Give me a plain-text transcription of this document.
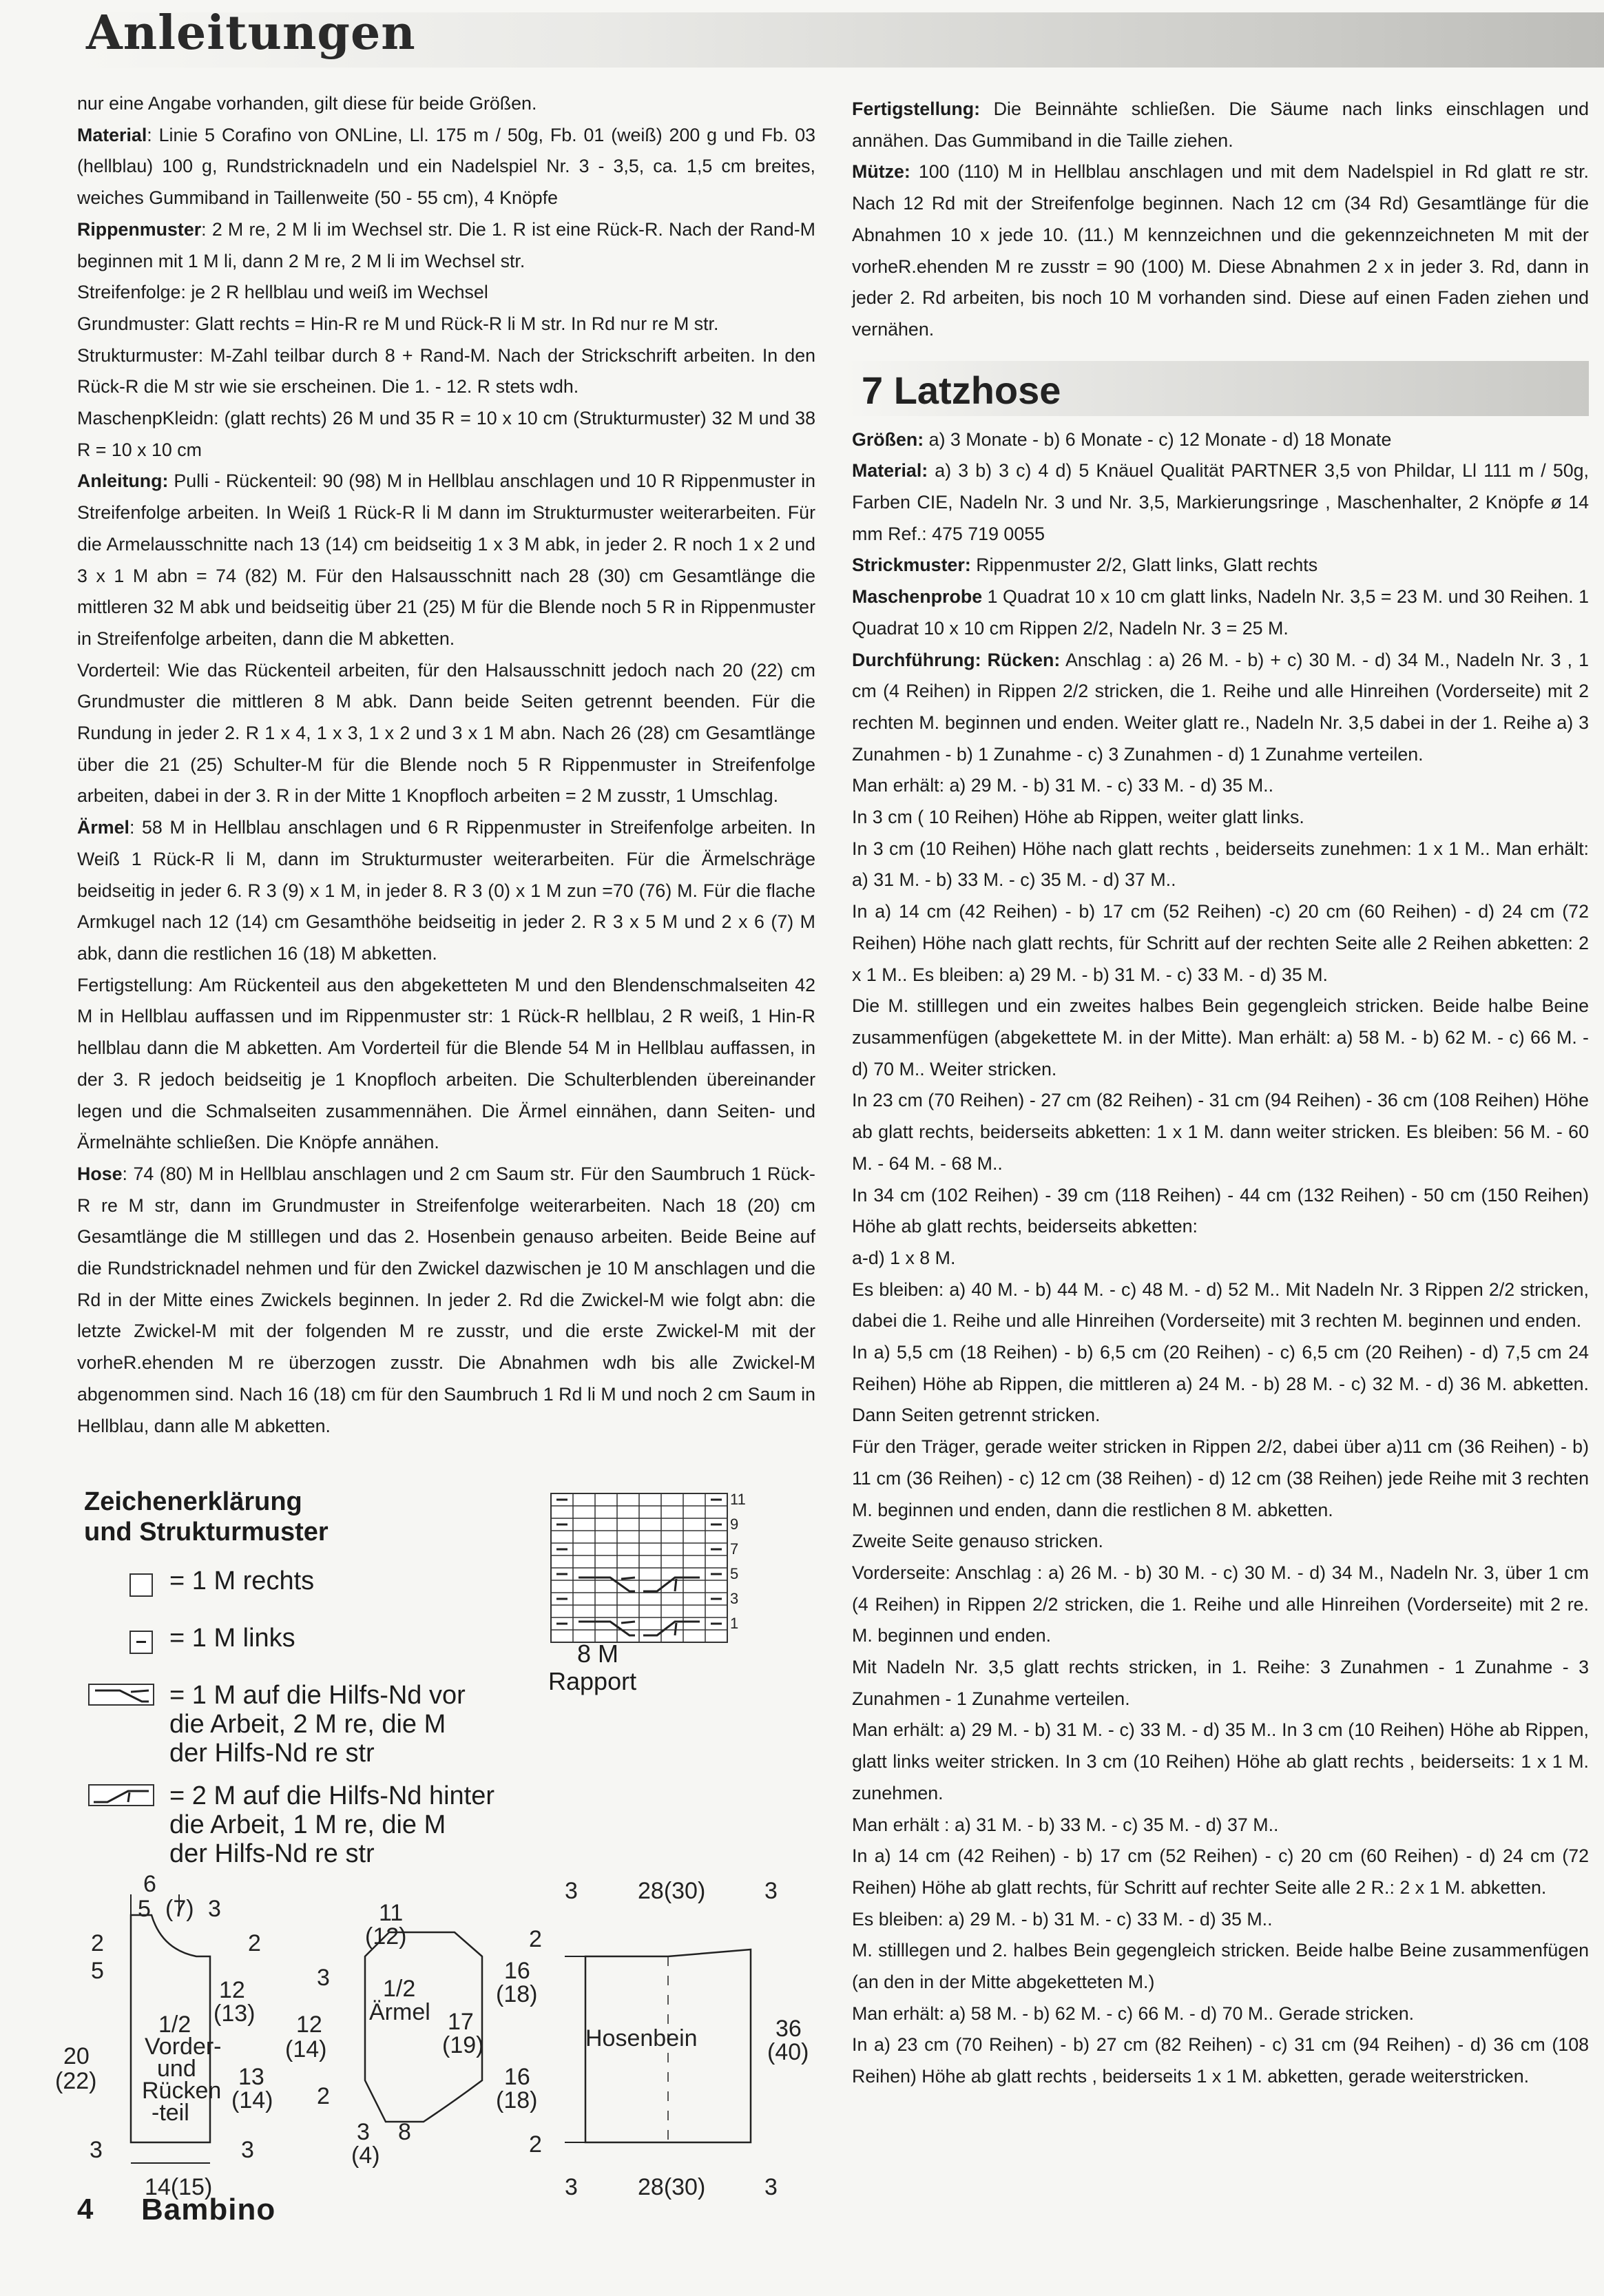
Anleitungen

nur eine Angabe vorhanden, gilt diese für beide Größen.

Material: Linie 5 Corafino von ONLine, Ll. 175 m / 50g, Fb. 01 (weiß) 200 g und Fb. 03 (hellblau) 100 g, Rundstricknadeln und ein Nadelspiel Nr. 3 - 3,5, ca. 1,5 cm breites, weiches Gummiband in Taillenweite (50 - 55 cm), 4 Knöpfe

Rippenmuster: 2 M re, 2 M li im Wechsel str. Die 1. R ist eine Rück-R. Nach der Rand-M beginnen mit 1 M li, dann 2 M re, 2 M li im Wechsel str.

Streifenfolge: je 2 R hellblau und weiß im Wechsel

Grundmuster: Glatt rechts = Hin-R re M und Rück-R li M str. In Rd nur re M str.

Strukturmuster: M-Zahl teilbar durch 8 + Rand-M. Nach der Strickschrift arbeiten. In den Rück-R die M str wie sie erscheinen. Die 1. - 12. R stets wdh.

MaschenpKleidn: (glatt rechts) 26 M und 35 R = 10 x 10 cm (Strukturmuster) 32 M und 38 R = 10 x 10 cm

Anleitung: Pulli - Rückenteil: 90 (98) M in Hellblau anschlagen und 10 R Rippenmuster in Streifenfolge arbeiten. In Weiß 1 Rück-R li M dann im Strukturmuster weiterarbeiten. Für die Armelausschnitte nach 13 (14) cm beidseitig 1 x 3 M abk, in jeder 2. R noch 1 x 2 und 3 x 1 M abn = 74 (82) M. Für den Halsausschnitt nach 28 (30) cm Gesamtlänge die mittleren 32 M abk und beidseitig über 21 (25) M für die Blende noch 5 R in Rippenmuster in Streifenfolge arbeiten, dann die M abketten.

Vorderteil: Wie das Rückenteil arbeiten, für den Halsausschnitt jedoch nach 20 (22) cm Grundmuster die mittleren 8 M abk. Dann beide Seiten getrennt beenden. Für die Rundung in jeder 2. R 1 x 4, 1 x 3, 1 x 2 und 3 x 1 M abn. Nach 26 (28) cm Gesamtlänge über die 21 (25) Schulter-M für die Blende noch 5 R Rippenmuster in Streifenfolge arbeiten, dabei in der 3. R in der Mitte 1 Knopfloch arbeiten = 2 M zusstr, 1 Umschlag.

Ärmel: 58 M in Hellblau anschlagen und 6 R Rippenmuster in Streifenfolge arbeiten. In Weiß 1 Rück-R li M, dann im Strukturmuster weiterarbeiten. Für die Ärmelschräge beidseitig in jeder 6. R 3 (9) x 1 M, in jeder 8. R 3 (0) x 1 M zun =70 (76) M. Für die flache Armkugel nach 12 (14) cm Gesamthöhe beidseitig in jeder 2. R 3 x 5 M und 2 x 6 (7) M abk, dann die restlichen 16 (18) M abketten.

Fertigstellung: Am Rückenteil aus den abgeketteten M und den Blendenschmalseiten 42 M in Hellblau auffassen und im Rippenmuster str: 1 Rück-R hellblau, 2 R weiß, 1 Hin-R hellblau dann die M abketten. Am Vorderteil für die Blende 54 M in Hellblau auffassen, in der 3. R jedoch beidseitig je 1 Knopfloch arbeiten. Die Schulterblenden übereinander legen und die Schmalseiten zusammennähen. Die Ärmel einnähen, dann Seiten- und Ärmelnähte schließen. Die Knöpfe annähen.

Hose: 74 (80) M in Hellblau anschlagen und 2 cm Saum str. Für den Saumbruch 1 Rück-R re M str, dann im Grundmuster in Streifenfolge weiterarbeiten. Nach 18 (20) cm Gesamtlänge die M stilllegen und das 2. Hosenbein genauso arbeiten. Beide Beine auf die Rundstricknadel nehmen und für den Zwickel dazwischen je 10 M anschlagen und die Rd in der Mitte eines Zwickels beginnen. In jeder 2. Rd die Zwickel-M wie folgt abn: die letzte Zwickel-M mit der folgenden M re zusstr, und die erste Zwickel-M mit der vorheR.ehenden M re überzogen zusstr. Die Abnahmen wdh bis alle Zwickel-M abgenommen sind. Nach 16 (18) cm für den Saumbruch 1 Rd li M und noch 2 cm Saum in Hellblau, dann alle M abketten.

Fertigstellung: Die Beinnähte schließen. Die Säume nach links einschlagen und annähen. Das Gummiband in die Taille ziehen.

Mütze: 100 (110) M in Hellblau anschlagen und mit dem Nadelspiel in Rd glatt re str. Nach 12 Rd mit der Streifenfolge beginnen. Nach 12 cm (34 Rd) Gesamtlänge für die Abnahmen 10 x jede 10. (11.) M kennzeichnen und die gekennzeichneten M mit der vorheR.ehenden M re zusstr = 90 (100) M. Diese Abnahmen 2 x in jeder 3. Rd, dann in jeder 2. Rd arbeiten, bis noch 10 M vorhanden sind. Diese auf einen Faden ziehen und vernähen.

7 Latzhose

Größen: a) 3 Monate - b) 6 Monate - c) 12 Monate - d) 18 Monate

Material: a) 3 b) 3 c) 4 d) 5 Knäuel Qualität PARTNER 3,5 von Phildar, Ll 111 m / 50g, Farben CIE, Nadeln Nr. 3 und Nr. 3,5, Markierungsringe , Maschenhalter, 2 Knöpfe ø 14 mm Ref.: 475 719 0055

Strickmuster: Rippenmuster 2/2, Glatt links, Glatt rechts

Maschenprobe 1 Quadrat 10 x 10 cm glatt links, Nadeln Nr. 3,5 = 23 M. und 30 Reihen. 1 Quadrat 10 x 10 cm Rippen 2/2, Nadeln Nr. 3 = 25 M.

Durchführung: Rücken: Anschlag : a) 26 M. - b) + c) 30 M. - d) 34 M., Nadeln Nr. 3 , 1 cm (4 Reihen) in Rippen 2/2 stricken, die 1. Reihe und alle Hinreihen (Vorderseite) mit 2 rechten M. beginnen und enden. Weiter glatt re., Nadeln Nr. 3,5 dabei in der 1. Reihe a) 3 Zunahmen - b) 1 Zunahme - c) 3 Zunahmen - d) 1 Zunahme verteilen.

Man erhält: a) 29 M. - b) 31 M. - c) 33 M. - d) 35 M..

In 3 cm ( 10 Reihen) Höhe ab Rippen, weiter glatt links.

In 3 cm (10 Reihen) Höhe nach glatt rechts , beiderseits zunehmen: 1 x 1 M.. Man erhält: a) 31 M. - b) 33 M. - c) 35 M. - d) 37 M..

In a) 14 cm (42 Reihen) - b) 17 cm (52 Reihen) -c) 20 cm (60 Reihen) - d) 24 cm (72 Reihen) Höhe nach glatt rechts, für Schritt auf der rechten Seite alle 2 Reihen abketten: 2 x 1 M.. Es bleiben: a) 29 M. - b) 31 M. - c) 33 M. - d) 35 M.

Die M. stilllegen und ein zweites halbes Bein gegengleich stricken. Beide halbe Beine zusammenfügen (abgekettete M. in der Mitte). Man erhält: a) 58 M. - b) 62 M. - c) 66 M. - d) 70 M.. Weiter stricken.

In 23 cm (70 Reihen) - 27 cm (82 Reihen) - 31 cm (94 Reihen) - 36 cm (108 Reihen) Höhe ab glatt rechts, beiderseits abketten: 1 x 1 M. dann weiter stricken. Es bleiben: 56 M. - 60 M. - 64 M. - 68 M..

In 34 cm (102 Reihen) - 39 cm (118 Reihen) - 44 cm (132 Reihen) - 50 cm (150 Reihen) Höhe ab glatt rechts, beiderseits abketten:

a-d) 1 x 8 M.

Es bleiben: a) 40 M. - b) 44 M. - c) 48 M. - d) 52 M.. Mit Nadeln Nr. 3 Rippen 2/2 stricken, dabei die 1. Reihe und alle Hinreihen (Vorderseite) mit 3 rechten M. beginnen und enden.

In a) 5,5 cm (18 Reihen) - b) 6,5 cm (20 Reihen) - c) 6,5 cm (20 Reihen) - d) 7,5 cm 24 Reihen) Höhe ab Rippen, die mittleren a) 24 M. - b) 28 M. - c) 32 M. - d) 36 M. abketten. Dann Seiten getrennt stricken.

Für den Träger, gerade weiter stricken in Rippen 2/2, dabei über a)11 cm (36 Reihen) - b) 11 cm (36 Reihen) - c) 12 cm (38 Reihen) - d) 12 cm (38 Reihen) jede Reihe mit 3 rechten M. beginnen und enden, dann die restlichen 8 M. abketten.

Zweite Seite genauso stricken.

Vorderseite: Anschlag : a) 26 M. - b) 30 M. - c) 30 M. - d) 34 M., Nadeln Nr. 3, über 1 cm (4 Reihen) in Rippen 2/2 stricken, die 1. Reihe und alle Hinreihen (Vorderseite) mit 2 re. M. beginnen und enden.

Mit Nadeln Nr. 3,5 glatt rechts stricken, in 1. Reihe: 3 Zunahmen - 1 Zunahme - 3 Zunahmen - 1 Zunahme verteilen.

Man erhält: a) 29 M. - b) 31 M. - c) 33 M. - d) 35 M.. In 3 cm (10 Reihen) Höhe ab Rippen, glatt links weiter stricken. In 3 cm (10 Reihen) Höhe ab glatt rechts , beiderseits: 1 x 1 M. zunehmen.

Man erhält : a) 31 M. - b) 33 M. - c) 35 M. - d) 37 M..

In a) 14 cm (42 Reihen) - b) 17 cm (52 Reihen) - c) 20 cm (60 Reihen) - d) 24 cm (72 Reihen) Höhe ab glatt rechts, für Schritt auf rechter Seite alle 2 R.: 2 x 1 M. abketten.

Es bleiben: a) 29 M. - b) 31 M. - c) 33 M. - d) 35 M..

M. stilllegen und 2. halbes Bein gegengleich stricken. Beide halbe Beine zusammenfügen (an den in der Mitte abgeketteten M.)

Man erhält: a) 58 M. - b) 62 M. - c) 66 M. - d) 70 M.. Gerade stricken.

In a) 23 cm (70 Reihen) - b) 27 cm (82 Reihen) - c) 31 cm (94 Reihen) - d) 36 cm (108 Reihen) Höhe ab glatt rechts , beiderseits 1 x 1 M. abketten, gerade weiterstricken.

Zeichenerklärung
und Strukturmuster
= 1 M rechts
= 1 M links
= 1 M auf die Hilfs-Nd vor
die Arbeit, 2 M re, die M
der Hilfs-Nd re str
= 2 M auf die Hilfs-Nd hinter
die Arbeit, 1 M re, die M
der Hilfs-Nd re str
11
9
7
5
3
1
8 M
Rapport
6
5 (7) 3
2
5
20
(22)
3
2
12
(13)
13
(14)
3
1/2
Vorder-
und
Rücken
-teil
14(15)
11
(12)
3
12
(14)
2
1/2
Ärmel
16
(18)
17
(19)
16
(18)
3
(4)
8
3	28(30)	3
2
2
Hosenbein	36
(40)
3	28(30)	3
4 Bambino
